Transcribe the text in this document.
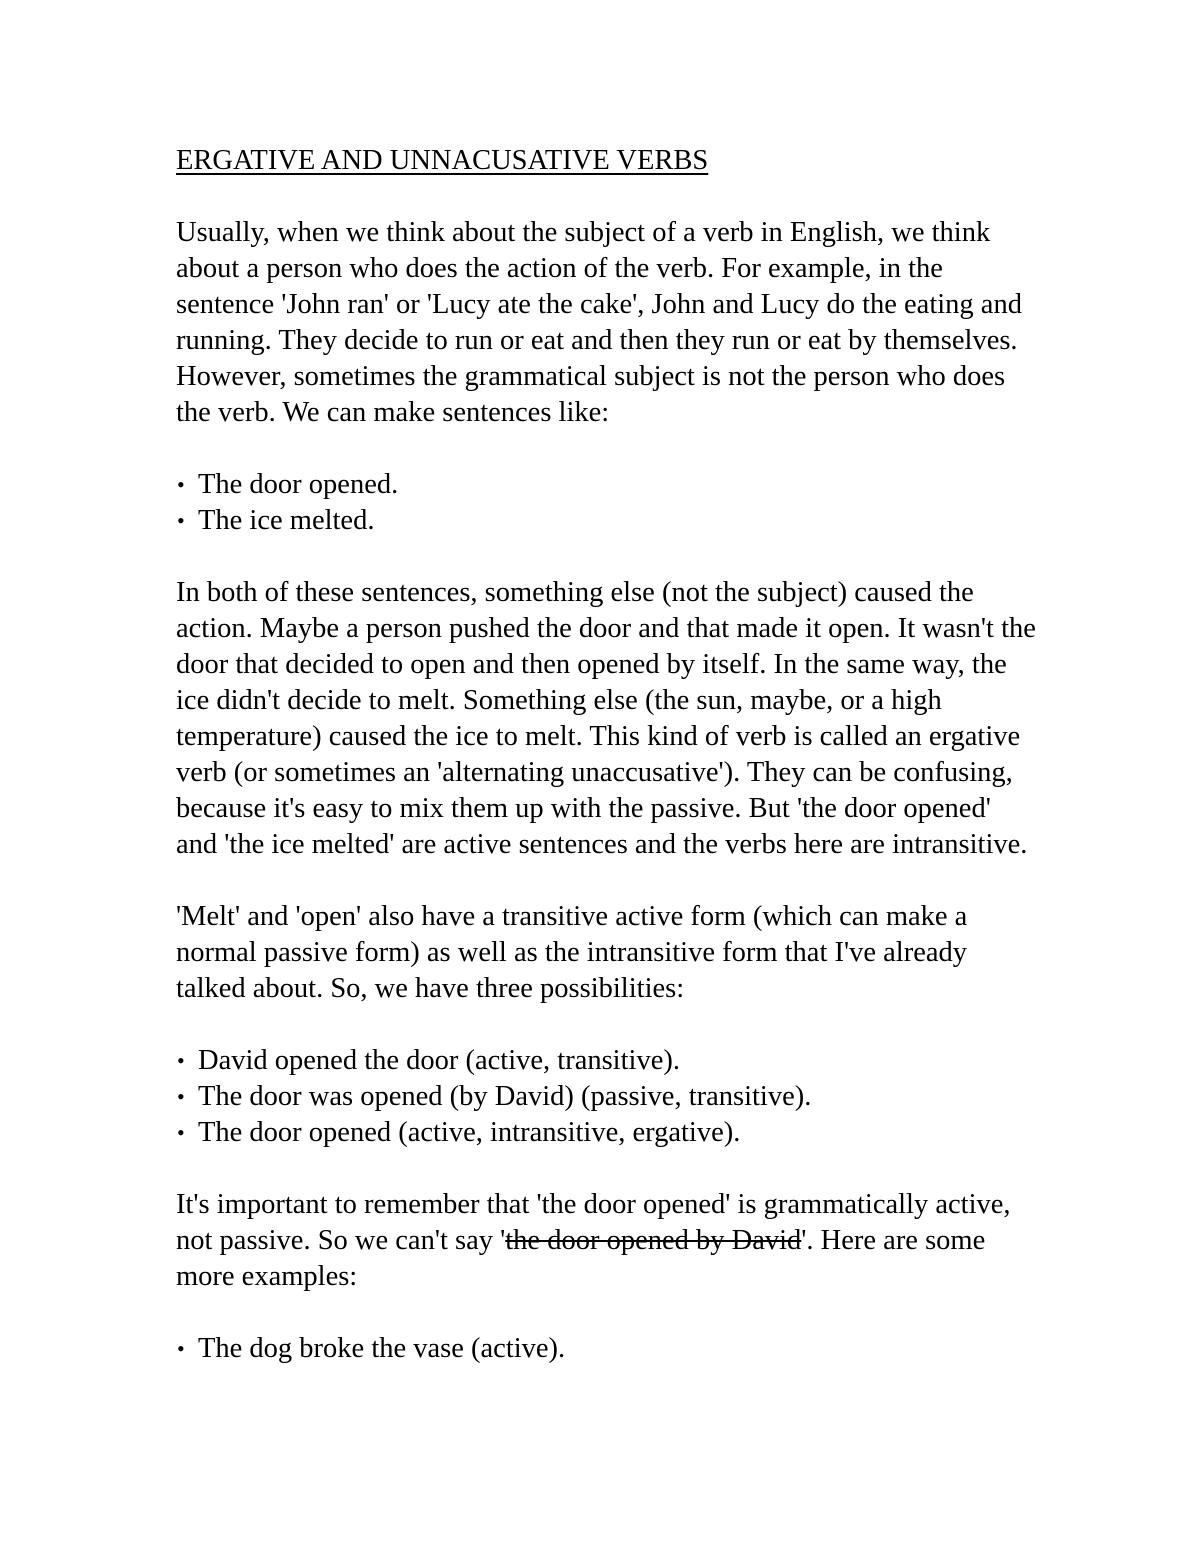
ERGATIVE AND UNNACUSATIVE VERBS

Usually, when we think about the subject of a verb in English, we think about a person who does the action of the verb. For example, in the sentence 'John ran' or 'Lucy ate the cake', John and Lucy do the eating and running. They decide to run or eat and then they run or eat by themselves. However, sometimes the grammatical subject is not the person who does the verb. We can make sentences like:

• The door opened.
• The ice melted.

In both of these sentences, something else (not the subject) caused the action. Maybe a person pushed the door and that made it open. It wasn't the door that decided to open and then opened by itself. In the same way, the ice didn't decide to melt. Something else (the sun, maybe, or a high temperature) caused the ice to melt. This kind of verb is called an ergative verb (or sometimes an 'alternating unaccusative'). They can be confusing, because it's easy to mix them up with the passive. But 'the door opened' and 'the ice melted' are active sentences and the verbs here are intransitive.

'Melt' and 'open' also have a transitive active form (which can make a normal passive form) as well as the intransitive form that I've already talked about. So, we have three possibilities:

• David opened the door (active, transitive).
• The door was opened (by David) (passive, transitive).
• The door opened (active, intransitive, ergative).

It's important to remember that 'the door opened' is grammatically active, not passive. So we can't say 'the door opened by David'. Here are some more examples:

• The dog broke the vase (active).
